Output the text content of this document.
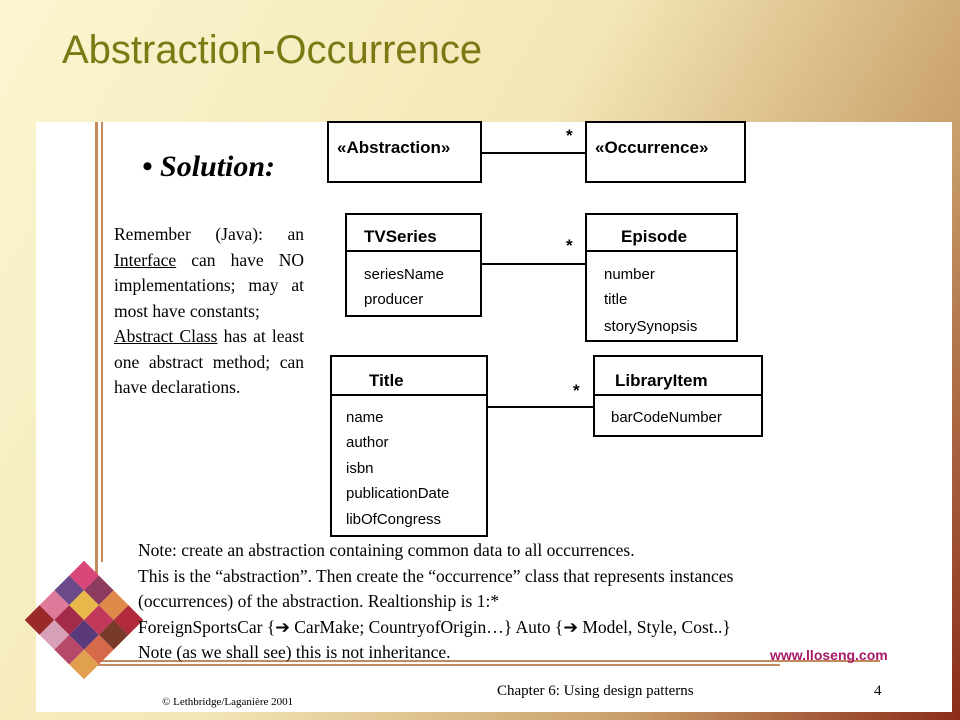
Abstraction-Occurrence
• Solution:
Remember (Java): an Interface can have NO implementations; may at most have constants;
Abstract Class has at least one abstract method; can have declarations.
«Abstraction»	«Occurrence»
*
TVSeries
seriesName
producer
Episode
number
title
storySynopsis
*
Title
name
author
isbn
publicationDate
libOfCongress
LibraryItem
barCodeNumber
*
Note: create an abstraction containing common data to all occurrences.
This is the “abstraction”. Then create the “occurrence” class that represents instances
(occurrences) of the abstraction. Realtionship is 1:*
ForeignSportsCar {➔ CarMake; CountryofOrigin…} Auto {➔ Model, Style, Cost..}
Note (as we shall see) this is not inheritance.	www.lloseng.com
© Lethbridge/Laganière 2001
Chapter 6: Using design patterns	4
